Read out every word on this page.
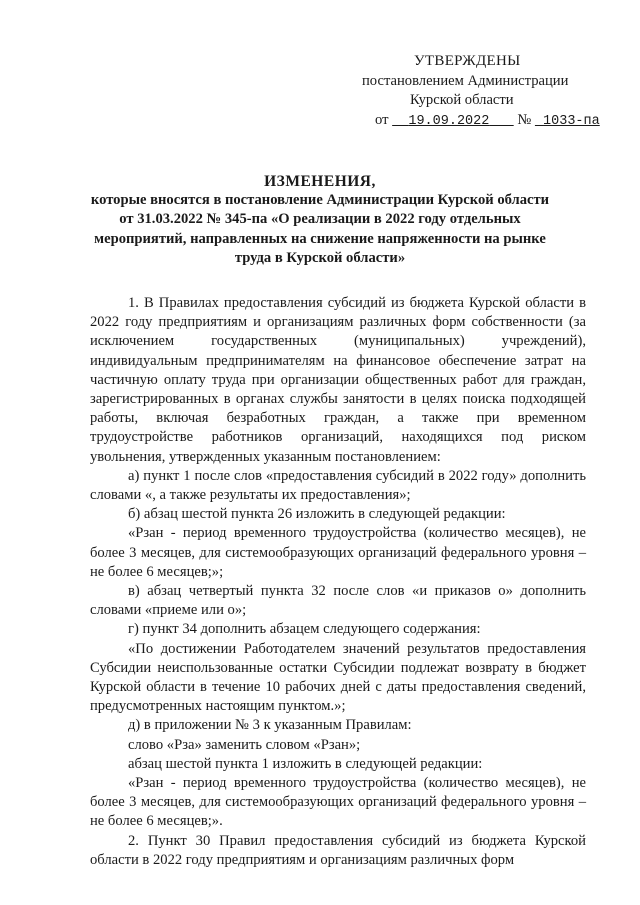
УТВЕРЖДЕНЫ
постановлением Администрации
Курской области
от 19.09.2022 № 1033-па
ИЗМЕНЕНИЯ,
которые вносятся в постановление Администрации Курской области
от 31.03.2022 № 345-па «О реализации в 2022 году отдельных
мероприятий, направленных на снижение напряженности на рынке
труда в Курской области»

1. В Правилах предоставления субсидий из бюджета Курской области в 2022 году предприятиям и организациям различных форм собственности (за исключением государственных (муниципальных) учреждений), индивидуальным предпринимателям на финансовое обеспечение затрат на частичную оплату труда при организации общественных работ для граждан, зарегистрированных в органах службы занятости в целях поиска подходящей работы, включая безработных граждан, а также при временном трудоустройстве работников организаций, находящихся под риском увольнения, утвержденных указанным постановлением:

а) пункт 1 после слов «предоставления субсидий в 2022 году» дополнить словами «, а также результаты их предоставления»;

б) абзац шестой пункта 26 изложить в следующей редакции:

«Рзан - период временного трудоустройства (количество месяцев), не более 3 месяцев, для системообразующих организаций федерального уровня – не более 6 месяцев;»;

в) абзац четвертый пункта 32 после слов «и приказов о» дополнить словами «приеме или о»;

г) пункт 34 дополнить абзацем следующего содержания:

«По достижении Работодателем значений результатов предоставления Субсидии неиспользованные остатки Субсидии подлежат возврату в бюджет Курской области в течение 10 рабочих дней с даты предоставления сведений, предусмотренных настоящим пунктом.»;

д) в приложении № 3 к указанным Правилам:

слово «Рза» заменить словом «Рзан»;

абзац шестой пункта 1 изложить в следующей редакции:

«Рзан - период временного трудоустройства (количество месяцев), не более 3 месяцев, для системообразующих организаций федерального уровня – не более 6 месяцев;».

2. Пункт 30 Правил предоставления субсидий из бюджета Курской области в 2022 году предприятиям и организациям различных форм
